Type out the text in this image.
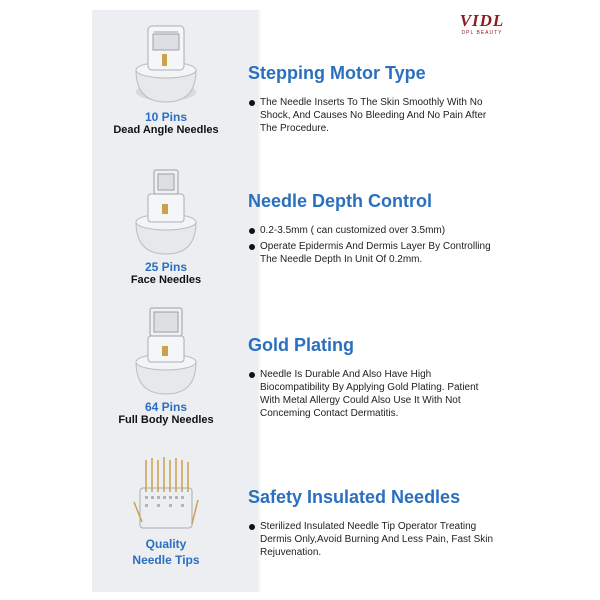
VIDL
DPL BEAUTY
10 Pins
Dead Angle Needles
25 Pins
Face Needles
64 Pins
Full Body Needles
Quality
Needle Tips
Stepping Motor Type
The Needle Inserts To The Skin Smoothly With No Shock, And Causes No Bleeding And No Pain After The Procedure.
Needle Depth Control
0.2-3.5mm ( can customized over 3.5mm)
Operate Epidermis And Dermis Layer By Controlling The Needle Depth In Unit Of 0.2mm.
Gold Plating
Needle Is Durable And Also Have High Biocompatibility By Applying Gold Plating. Patient With Metal Allergy Could Also Use It With Not Conceming Contact Dermatitis.
Safety Insulated Needles
Sterilized Insulated Needle Tip Operator Treating Dermis Only,Avoid Burning And Less Pain, Fast Skin Rejuvenation.
